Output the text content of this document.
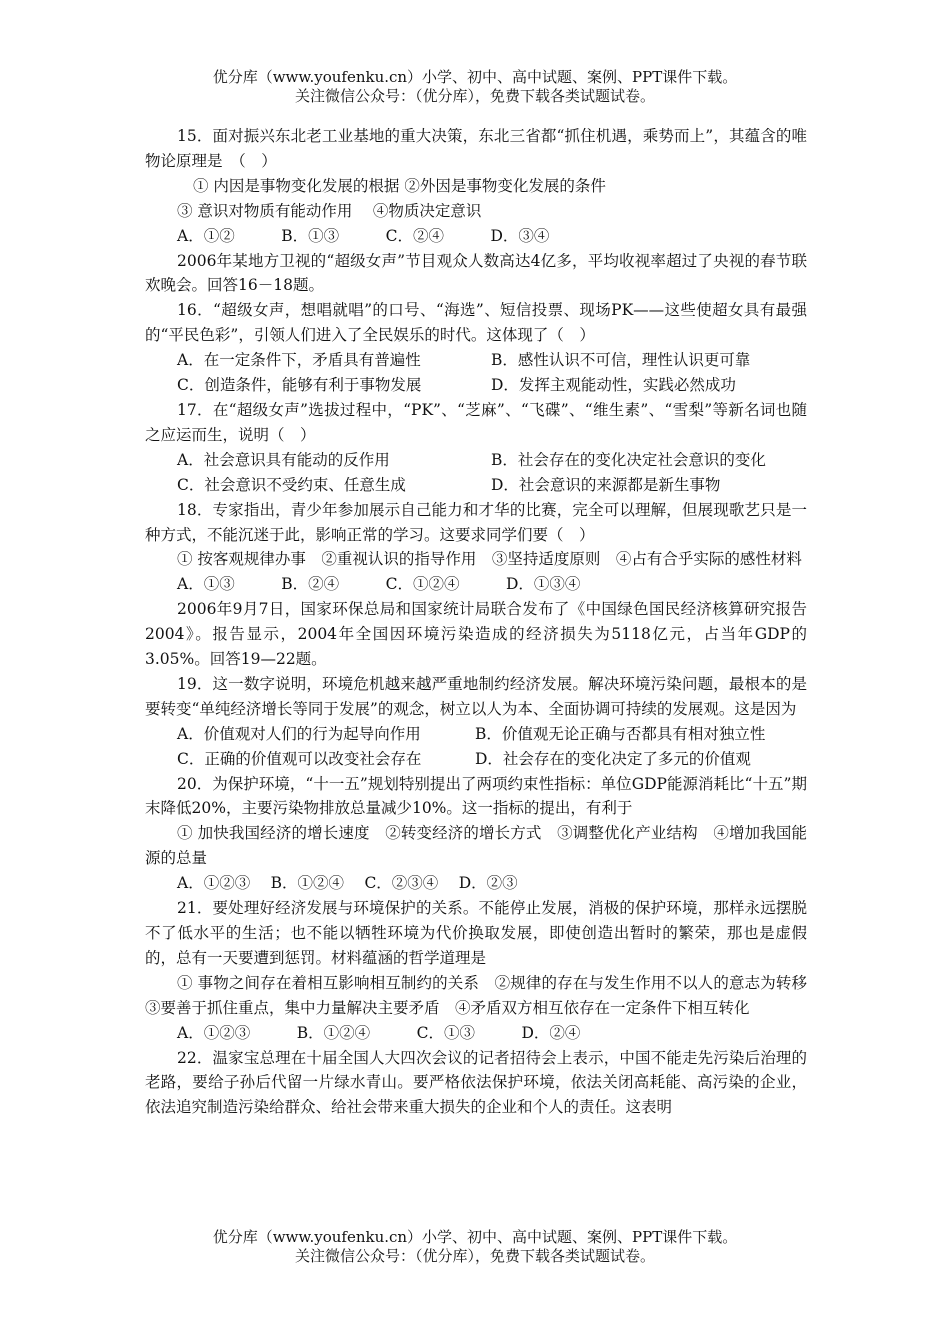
优分库（www.youfenku.cn）小学、初中、高中试题、案例、PPT课件下载。
关注微信公众号：（优分库），免费下载各类试题试卷。

15．面对振兴东北老工业基地的重大决策，东北三省都“抓住机遇，乘势而上”，其蕴含的唯物论原理是　（　）

① 内因是事物变化发展的根据 ②外因是事物变化发展的条件

③ 意识对物质有能动作用　 ④物质决定意识

A．①②　　　B．①③　　　C．②④　　　D．③④

2006年某地方卫视的“超级女声”节目观众人数高达4亿多，平均收视率超过了央视的春节联欢晚会。回答16－18题。

16．“超级女声，想唱就唱”的口号、“海选”、短信投票、现场PK——这些使超女具有最强的“平民色彩”，引领人们进入了全民娱乐的时代。这体现了（　）

A．在一定条件下，矛盾具有普遍性	B．感性认识不可信，理性认识更可靠
C．创造条件，能够有利于事物发展	D．发挥主观能动性，实践必然成功

17．在“超级女声”选拔过程中，“PK”、“芝麻”、“飞碟”、“维生素”、“雪梨”等新名词也随之应运而生，说明（　）

A．社会意识具有能动的反作用	B．社会存在的变化决定社会意识的变化
C．社会意识不受约束、任意生成	D．社会意识的来源都是新生事物

18．专家指出，青少年参加展示自己能力和才华的比赛，完全可以理解，但展现歌艺只是一种方式，不能沉迷于此，影响正常的学习。这要求同学们要（　）

① 按客观规律办事　②重视认识的指导作用　③坚持适度原则　④占有合乎实际的感性材料

A．①③　　　B．②④　　　C．①②④　　　D．①③④

2006年9月7日，国家环保总局和国家统计局联合发布了《中国绿色国民经济核算研究报告2004》。报告显示，2004年全国因环境污染造成的经济损失为5118亿元，占当年GDP的3.05%。回答19—22题。

19．这一数字说明，环境危机越来越严重地制约经济发展。解决环境污染问题，最根本的是要转变“单纯经济增长等同于发展”的观念，树立以人为本、全面协调可持续的发展观。这是因为

A．价值观对人们的行为起导向作用	B．价值观无论正确与否都具有相对独立性
C．正确的价值观可以改变社会存在	D．社会存在的变化决定了多元的价值观

20．为保护环境，“十一五”规划特别提出了两项约束性指标：单位GDP能源消耗比“十五”期末降低20%，主要污染物排放总量减少10%。这一指标的提出，有利于

① 加快我国经济的增长速度　②转变经济的增长方式　③调整优化产业结构　④增加我国能源的总量

A．①②③　 B．①②④　 C．②③④　 D．②③

21．要处理好经济发展与环境保护的关系。不能停止发展，消极的保护环境，那样永远摆脱不了低水平的生活；也不能以牺牲环境为代价换取发展，即使创造出暂时的繁荣，那也是虚假的，总有一天要遭到惩罚。材料蕴涵的哲学道理是

① 事物之间存在着相互影响相互制约的关系　②规律的存在与发生作用不以人的意志为转移　③要善于抓住重点，集中力量解决主要矛盾　④矛盾双方相互依存在一定条件下相互转化

A．①②③　　　B．①②④　　　C．①③　　　D．②④

22．温家宝总理在十届全国人大四次会议的记者招待会上表示，中国不能走先污染后治理的老路，要给子孙后代留一片绿水青山。要严格依法保护环境，依法关闭高耗能、高污染的企业，依法追究制造污染给群众、给社会带来重大损失的企业和个人的责任。这表明

优分库（www.youfenku.cn）小学、初中、高中试题、案例、PPT课件下载。
关注微信公众号：（优分库），免费下载各类试题试卷。
